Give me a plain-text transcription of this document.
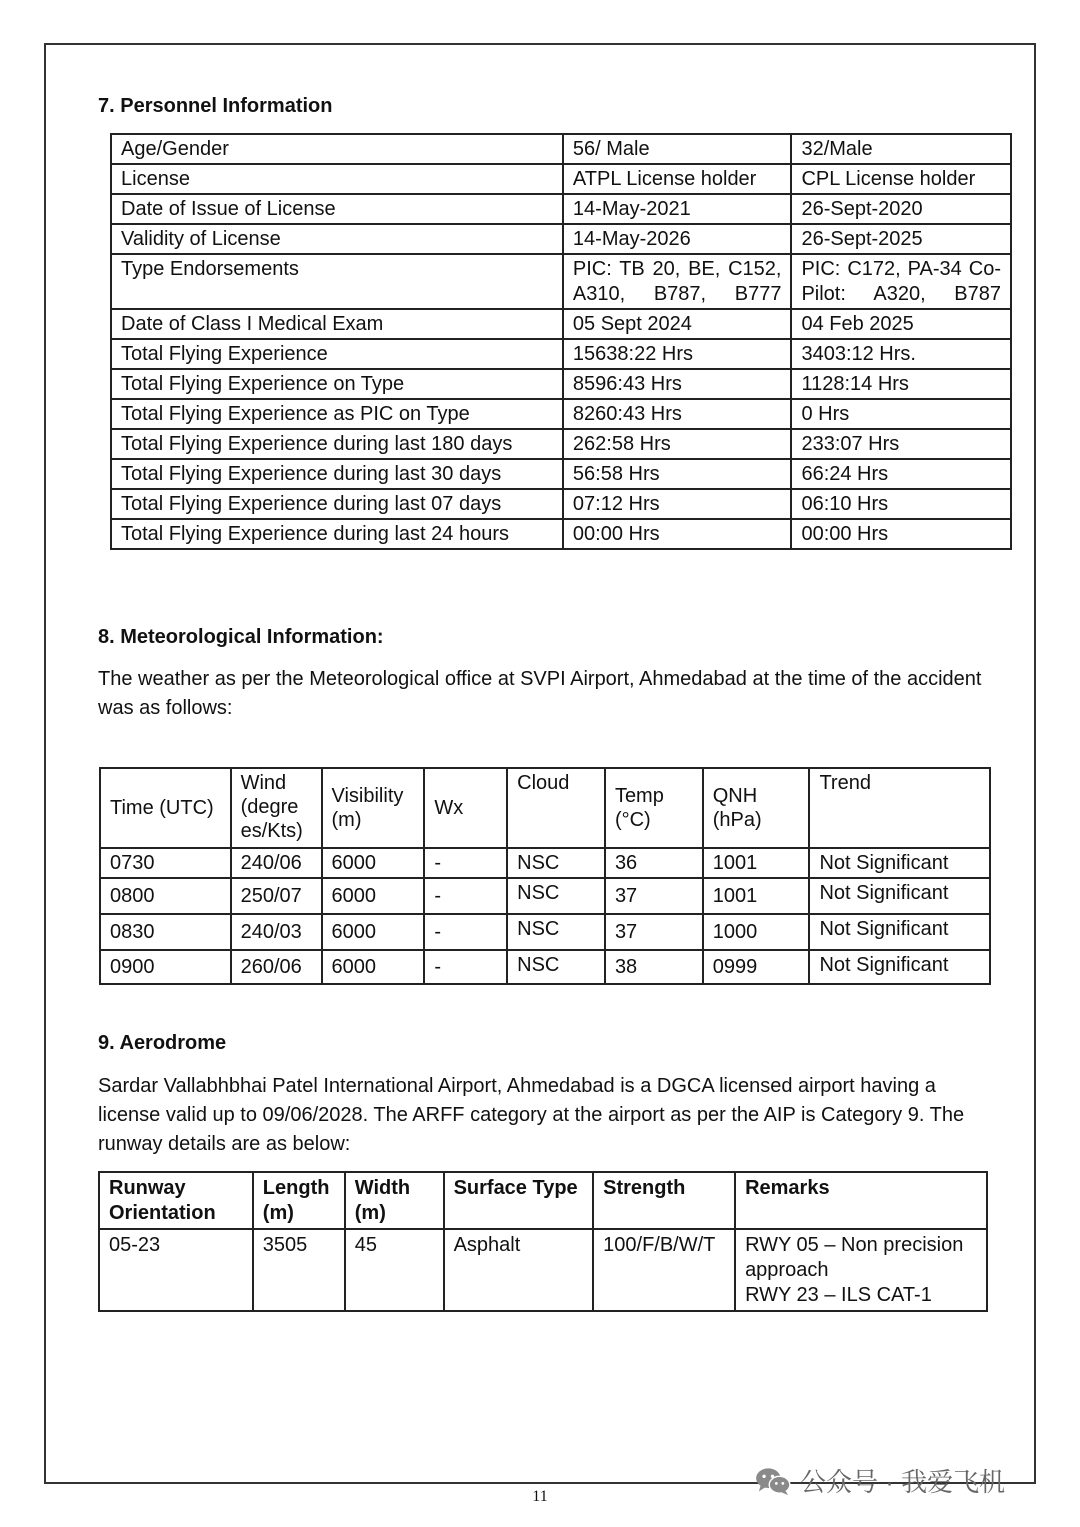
7. Personnel Information
Age/Gender	56/ Male	32/Male
License	ATPL License holder	CPL License holder
Date of Issue of License	14-May-2021	26-Sept-2020
Validity of License	14-May-2026	26-Sept-2025
Type Endorsements	PIC: TB 20, BE, C152, A310, B787, B777	PIC: C172, PA-34 Co-Pilot: A320, B787
Date of Class I Medical Exam	05 Sept 2024	04 Feb 2025
Total Flying Experience	15638:22 Hrs	3403:12 Hrs.
Total Flying Experience on Type	8596:43 Hrs	1128:14 Hrs
Total Flying Experience as PIC on Type	8260:43 Hrs	0 Hrs
Total Flying Experience during last 180 days	262:58 Hrs	233:07 Hrs
Total Flying Experience during last 30 days	56:58 Hrs	66:24 Hrs
Total Flying Experience during last 07 days	07:12 Hrs	06:10 Hrs
Total Flying Experience during last 24 hours	00:00 Hrs	00:00 Hrs
8. Meteorological Information:
The weather as per the Meteorological office at SVPI Airport, Ahmedabad at the time of the accident was as follows:
Time (UTC)	Wind (degre es/Kts)	Visibility (m)	Wx	Cloud	Temp (°C)	QNH (hPa)	Trend
0730	240/06	6000	-	NSC	36	1001	Not Significant
0800	250/07	6000	-	NSC	37	1001	Not Significant
0830	240/03	6000	-	NSC	37	1000	Not Significant
0900	260/06	6000	-	NSC	38	0999	Not Significant
9. Aerodrome
Sardar Vallabhbhai Patel International Airport, Ahmedabad is a DGCA licensed airport having a license valid up to 09/06/2028. The ARFF category at the airport as per the AIP is Category 9. The runway details are as below:
Runway Orientation	Length (m)	Width (m)	Surface Type	Strength	Remarks
05-23	3505	45	Asphalt	100/F/B/W/T	RWY 05 – Non precision approach
RWY 23 – ILS CAT-1
11	公众号 · 我爱飞机
